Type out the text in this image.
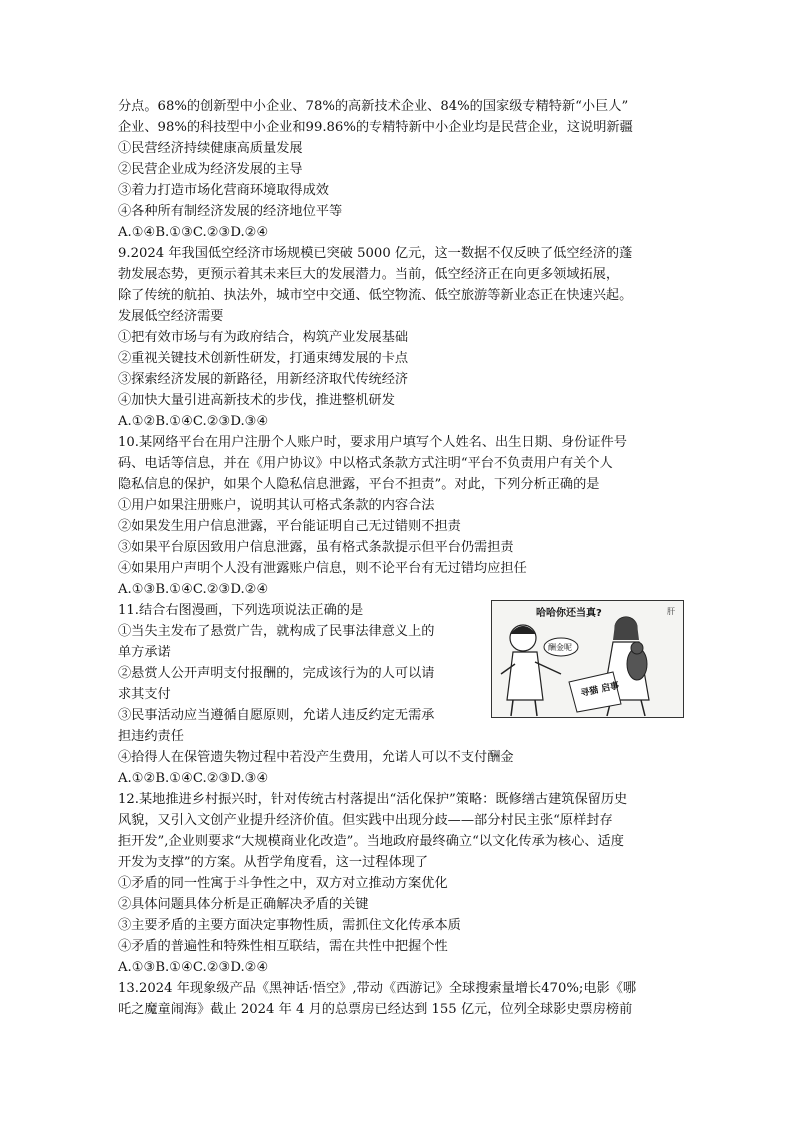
分点。68%的创新型中小企业、78%的高新技术企业、84%的国家级专精特新“小巨人”
企业、98%的科技型中小企业和99.86%的专精特新中小企业均是民营企业，这说明新疆
①民营经济持续健康高质量发展
②民营企业成为经济发展的主导
③着力打造市场化营商环境取得成效
④各种所有制经济发展的经济地位平等
A.①④B.①③C.②③D.②④
9.2024 年我国低空经济市场规模已突破 5000 亿元，这一数据不仅反映了低空经济的蓬
勃发展态势，更预示着其未来巨大的发展潜力。当前，低空经济正在向更多领域拓展，
除了传统的航拍、执法外，城市空中交通、低空物流、低空旅游等新业态正在快速兴起。
发展低空经济需要
①把有效市场与有为政府结合，构筑产业发展基础
②重视关键技术创新性研发，打通束缚发展的卡点
③探索经济发展的新路径，用新经济取代传统经济
④加快大量引进高新技术的步伐，推进整机研发
A.①②B.①④C.②③D.③④
10.某网络平台在用户注册个人账户时，要求用户填写个人姓名、出生日期、身份证件号
码、电话等信息，并在《用户协议》中以格式条款方式注明“平台不负责用户有关个人
隐私信息的保护，如果个人隐私信息泄露，平台不担责”。对此，下列分析正确的是
①用户如果注册账户，说明其认可格式条款的内容合法
②如果发生用户信息泄露，平台能证明自己无过错则不担责
③如果平台原因致用户信息泄露，虽有格式条款提示但平台仍需担责
④如果用户声明个人没有泄露账户信息，则不论平台有无过错均应担任
A.①③B.①④C.②③D.②④
11.结合右图漫画，下列选项说法正确的是
①当失主发布了悬赏广告，就构成了民事法律意义上的
单方承诺
②悬赏人公开声明支付报酬的，完成该行为的人可以请
求其支付
③民事活动应当遵循自愿原则，允诺人违反约定无需承
担违约责任
④拾得人在保管遗失物过程中若没产生费用，允诺人可以不支付酬金
A.①②B.①④C.②③D.③④
哈哈你还当真?
酬金呢
寻猫 启事
肝
12.某地推进乡村振兴时，针对传统古村落提出“活化保护”策略：既修缮古建筑保留历史
风貌，又引入文创产业提升经济价值。但实践中出现分歧——部分村民主张“原样封存
拒开发”,企业则要求“大规模商业化改造”。当地政府最终确立“以文化传承为核心、适度
开发为支撑”的方案。从哲学角度看，这一过程体现了
①矛盾的同一性寓于斗争性之中，双方对立推动方案优化
②具体问题具体分析是正确解决矛盾的关键
③主要矛盾的主要方面决定事物性质，需抓住文化传承本质
④矛盾的普遍性和特殊性相互联结，需在共性中把握个性
A.①③B.①④C.②③D.②④
13.2024 年现象级产品《黑神话·悟空》,带动《西游记》全球搜索量增长470%;电影《哪
吒之魔童闹海》截止 2024 年 4 月的总票房已经达到 155 亿元，位列全球影史票房榜前
